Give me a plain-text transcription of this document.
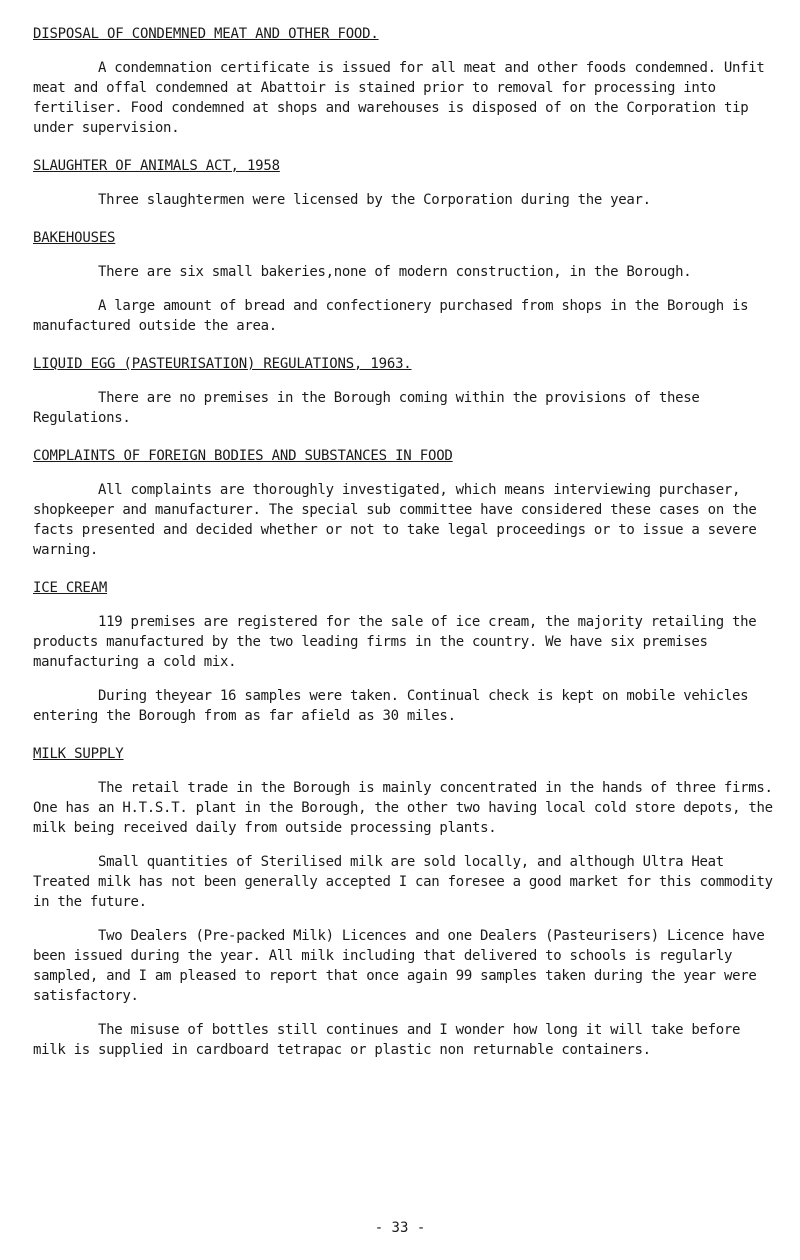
DISPOSAL OF CONDEMNED MEAT AND OTHER FOOD.

A condemnation certificate is issued for all meat and other foods condemned. Unfit meat and offal condemned at Abattoir is stained prior to removal for processing into fertiliser. Food condemned at shops and warehouses is disposed of on the Corporation tip under supervision.

SLAUGHTER OF ANIMALS ACT, 1958

Three slaughtermen were licensed by the Corporation during the year.

BAKEHOUSES

There are six small bakeries,none of modern construction, in the Borough.

A large amount of bread and confectionery purchased from shops in the Borough is manufactured outside the area.

LIQUID EGG (PASTEURISATION) REGULATIONS, 1963.

There are no premises in the Borough coming within the provisions of these Regulations.

COMPLAINTS OF FOREIGN BODIES AND SUBSTANCES IN FOOD

All complaints are thoroughly investigated, which means interviewing purchaser, shopkeeper and manufacturer. The special sub committee have considered these cases on the facts presented and decided whether or not to take legal proceedings or to issue a severe warning.

ICE CREAM

119 premises are registered for the sale of ice cream, the majority retailing the products manufactured by the two leading firms in the country. We have six premises manufacturing a cold mix.

During theyear 16 samples were taken. Continual check is kept on mobile vehicles entering the Borough from as far afield as 30 miles.

MILK SUPPLY

The retail trade in the Borough is mainly concentrated in the hands of three firms. One has an H.T.S.T. plant in the Borough, the other two having local cold store depots, the milk being received daily from outside processing plants.

Small quantities of Sterilised milk are sold locally, and although Ultra Heat Treated milk has not been generally accepted I can foresee a good market for this commodity in the future.

Two Dealers (Pre-packed Milk) Licences and one Dealers (Pasteurisers) Licence have been issued during the year. All milk including that delivered to schools is regularly sampled, and I am pleased to report that once again 99 samples taken during the year were satisfactory.

The misuse of bottles still continues and I wonder how long it will take before milk is supplied in cardboard tetrapac or plastic non returnable containers.

- 33 -
